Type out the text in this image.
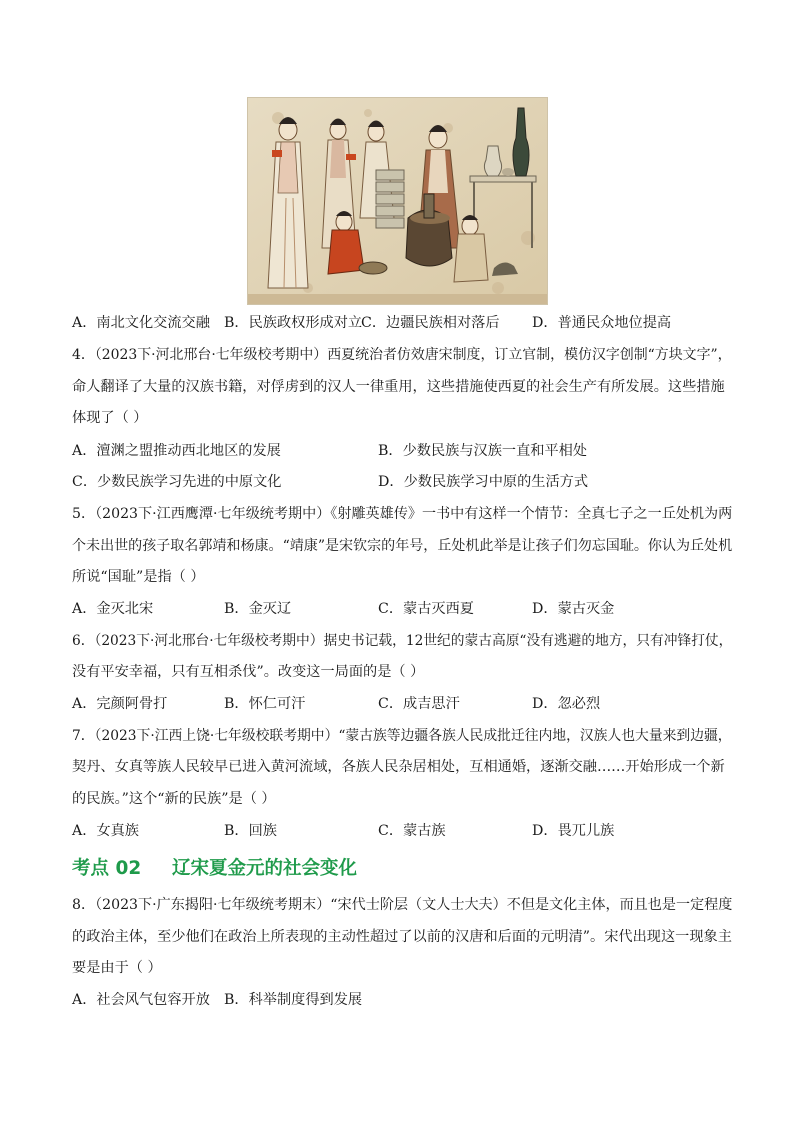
A．南北文化交流交融 B．民族政权形成对立
C．边疆民族相对落后 D．普通民众地位提高
4．（2023下·河北邢台·七年级校考期中）西夏统治者仿效唐宋制度，订立官制，模仿汉字创制“方块文字”，
命人翻译了大量的汉族书籍，对俘虏到的汉人一律重用，这些措施使西夏的社会生产有所发展。这些措施
体现了（ ）
A．澶渊之盟推动西北地区的发展	B．少数民族与汉族一直和平相处
C．少数民族学习先进的中原文化	D．少数民族学习中原的生活方式
5．（2023下·江西鹰潭·七年级统考期中）《射雕英雄传》一书中有这样一个情节：全真七子之一丘处机为两
个未出世的孩子取名郭靖和杨康。“靖康”是宋钦宗的年号，丘处机此举是让孩子们勿忘国耻。你认为丘处机
所说“国耻”是指（ ）
A．金灭北宋	B．金灭辽	C．蒙古灭西夏	D．蒙古灭金
6．（2023下·河北邢台·七年级校考期中）据史书记载，12世纪的蒙古高原“没有逃避的地方，只有冲锋打仗，
没有平安幸福，只有互相杀伐”。改变这一局面的是（ ）
A．完颜阿骨打	B．怀仁可汗	C．成吉思汗	D．忽必烈
7．（2023下·江西上饶·七年级校联考期中）“蒙古族等边疆各族人民成批迁往内地，汉族人也大量来到边疆，
契丹、女真等族人民较早已进入黄河流域，各族人民杂居相处，互相通婚，逐渐交融……开始形成一个新
的民族。”这个“新的民族”是（ ）
A．女真族	B．回族	C．蒙古族	D．畏兀儿族
考点 02 辽宋夏金元的社会变化
8．（2023下·广东揭阳·七年级统考期末）“宋代士阶层（文人士大夫）不但是文化主体，而且也是一定程度
的政治主体，至少他们在政治上所表现的主动性超过了以前的汉唐和后面的元明清”。宋代出现这一现象主
要是由于（ ）
A．社会风气包容开放 B．科举制度得到发展
